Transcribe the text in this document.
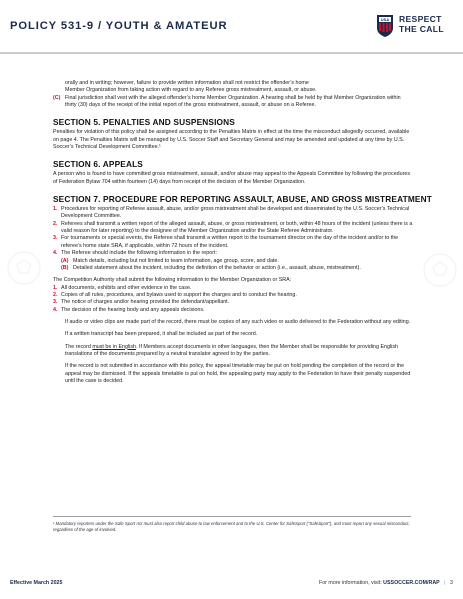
POLICY 531-9 / YOUTH & AMATEUR
USA RESPECT
THE CALL

orally and in writing; however, failure to provide written information shall not restrict the offender’s home

Member Organization from taking action with regard to any Referee gross mistreatment, assault, or abuse.

(C) Final jurisdiction shall vest with the alleged offender’s home Member Organization. A hearing shall be held by that Member Organization within thirty (30) days of the receipt of the initial report of the gross mistreatment, assault, or abuse on a Referee.
SECTION 5. PENALTIES AND SUSPENSIONS

Penalties for violation of this policy shall be assigned according to the Penalties Matrix in effect at the time the misconduct allegedly occurred, available on page 4. The Penalties Matrix will be managed by U.S. Soccer Staff and Secretary General and may be amended and updated at any time by U.S. Soccer’s Technical Development Committee.¹

SECTION 6. APPEALS

A person who is found to have committed gross mistreatment, assault, and/or abuse may appeal to the Appeals Committee by following the procedures of Federation Bylaw 704 within fourteen (14) days from receipt of the decision of the Member Organization.

SECTION 7. PROCEDURE FOR REPORTING ASSAULT, ABUSE, AND GROSS MISTREATMENT
1. Procedures for reporting of Referee assault, abuse, and/or gross mistreatment shall be developed and disseminated by the U.S. Soccer’s Technical Development Committee.
2. Referees shall transmit a written report of the alleged assault, abuse, or gross mistreatment, or both, within 48 hours of the incident (unless there is a valid reason for later reporting) to the designee of the Member Organization and/or the State Referee Administrator.
3. For tournaments or special events, the Referee shall transmit a written report to the tournament director on the day of the incident and/or to the referee’s home state SRA, if applicable, within 72 hours of the incident.
4. The Referee should include the following information in the report:
(A) Match details, including but not limited to team information, age group, score, and date.
(B) Detailed statement about the incident, including the definition of the behavior or action (i.e., assault, abuse, mistreatment).

The Competition Authority shall submit the following information to the Member Organization or SRA:

1. All documents, exhibits and other evidence in the case.
2. Copies of all rules, procedures, and bylaws used to support the charges and to conduct the hearing.
3. The notice of charges and/or hearing provided the defendant/appellant.
4. The decision of the hearing body and any appeals decisions.

If audio or video clips are made part of the record, there must be copies of any such video or audio delivered to the Federation without any editing.

If a written transcript has been prepared, it shall be included as part of the record.

The record must be in English. If Members accept documents in other languages, then the Member shall be responsible for providing English translations of the documents prepared by a neutral translator agreed to by the parties.

If the record is not submitted in accordance with this policy, the appeal timetable may be put on hold pending the completion of the record or the appeal may be dismissed. If the appeals timetable is put on hold, the appealing party may apply to the Federation to have their penalty suspended until the case is decided.

¹ Mandatory reporters under the Safe Sport Act must also report child abuse to law enforcement and to the U.S. Center for SafeSport (“SafeSport”), and must report any sexual misconduct, regardless of the age of involved.
Effective March 2025	For more information, visit: USSOCCER.COM/RAP | 3
